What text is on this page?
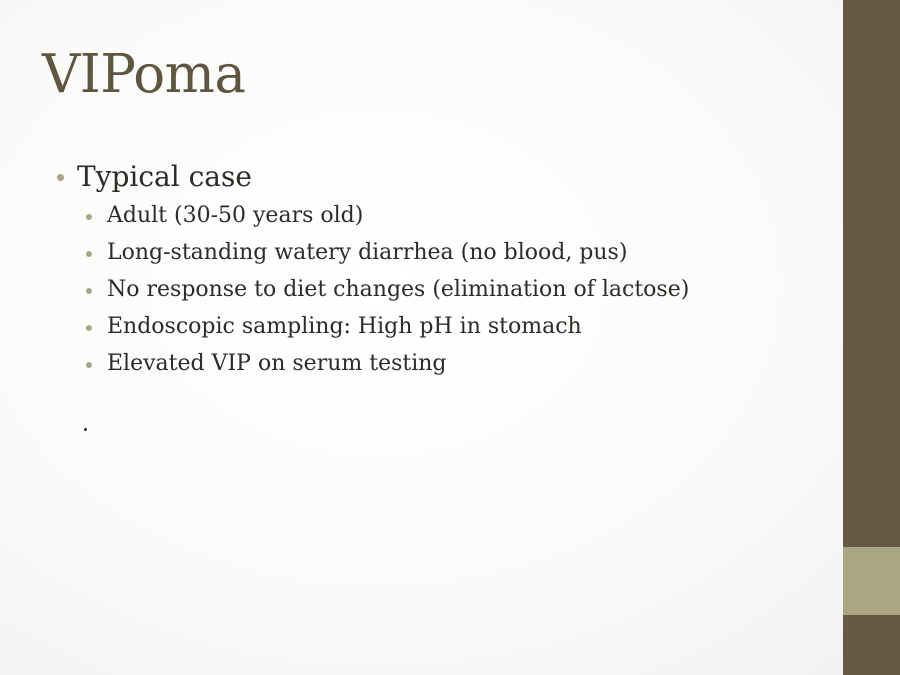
VIPoma
Typical case
Adult (30-50 years old)
Long-standing watery diarrhea (no blood, pus)
No response to diet changes (elimination of lactose)
Endoscopic sampling: High pH in stomach
Elevated VIP on serum testing
